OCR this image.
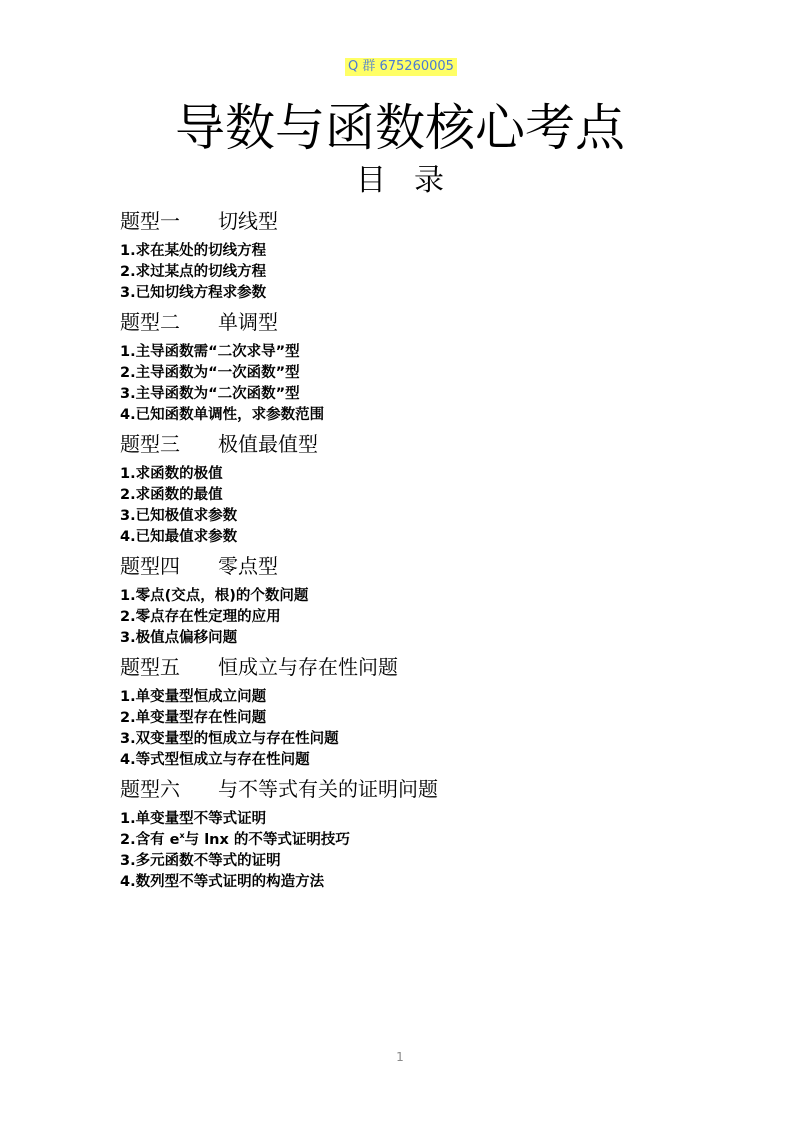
Q 群 675260005
导数与函数核心考点
目录
题型一	切线型
1.求在某处的切线方程
2.求过某点的切线方程
3.已知切线方程求参数
题型二	单调型
1.主导函数需“二次求导”型
2.主导函数为“一次函数”型
3.主导函数为“二次函数”型
4.已知函数单调性，求参数范围
题型三	极值最值型
1.求函数的极值
2.求函数的最值
3.已知极值求参数
4.已知最值求参数
题型四	零点型
1.零点(交点，根)的个数问题
2.零点存在性定理的应用
3.极值点偏移问题
题型五	恒成立与存在性问题
1.单变量型恒成立问题
2.单变量型存在性问题
3.双变量型的恒成立与存在性问题
4.等式型恒成立与存在性问题
题型六	与不等式有关的证明问题
1.单变量型不等式证明
2.含有 $e^x$与 lnx 的不等式证明技巧
3.多元函数不等式的证明
4.数列型不等式证明的构造方法
1
